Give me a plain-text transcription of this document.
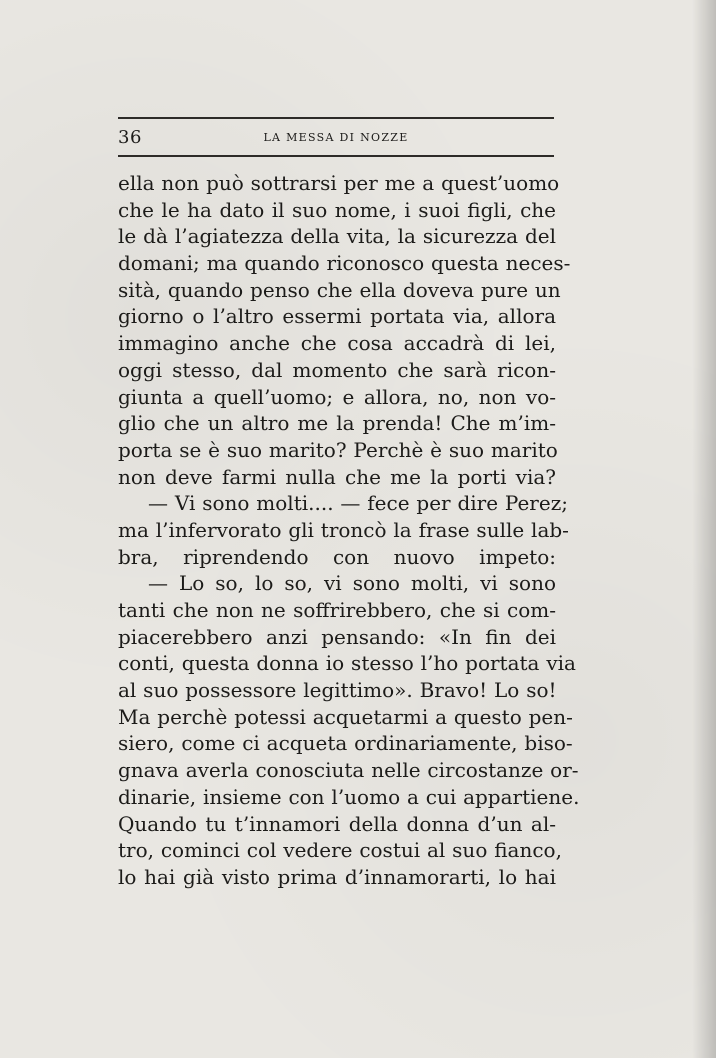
36	LA MESSA DI NOZZE
ella non può sottrarsi per me a quest’uomo
che le ha dato il suo nome, i suoi figli, che
le dà l’agiatezza della vita, la sicurezza del
domani; ma quando riconosco questa neces-
sità, quando penso che ella doveva pure un
giorno o l’altro essermi portata via, allora
immagino anche che cosa accadrà di lei,
oggi stesso, dal momento che sarà ricon-
giunta a quell’uomo; e allora, no, non vo-
glio che un altro me la prenda! Che m’im-
porta se è suo marito? Perchè è suo marito
non deve farmi nulla che me la porti via?
— Vi sono molti.... — fece per dire Perez;
ma l’infervorato gli troncò la frase sulle lab-
bra, riprendendo con nuovo impeto:
— Lo so, lo so, vi sono molti, vi sono
tanti che non ne soffrirebbero, che si com-
piacerebbero anzi pensando: «In fin dei
conti, questa donna io stesso l’ho portata via
al suo possessore legittimo». Bravo! Lo so!
Ma perchè potessi acquetarmi a questo pen-
siero, come ci acqueta ordinariamente, biso-
gnava averla conosciuta nelle circostanze or-
dinarie, insieme con l’uomo a cui appartiene.
Quando tu t’innamori della donna d’un al-
tro, cominci col vedere costui al suo fianco,
lo hai già visto prima d’innamorarti, lo hai
